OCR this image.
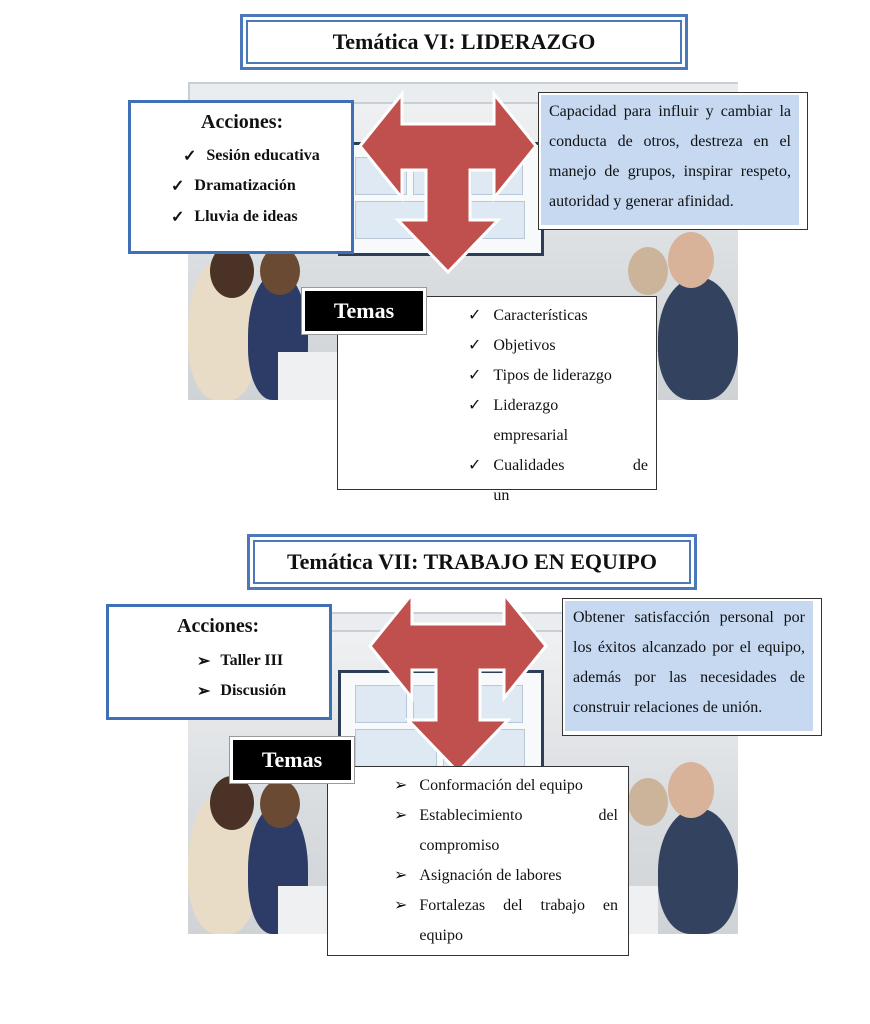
Temática VI: LIDERAZGO
Acciones:
✓ Sesión educativa
✓ Dramatización
✓ Lluvia de ideas
Capacidad para influir y cambiar la conducta de otros, destreza en el manejo de grupos, inspirar respeto, autoridad y generar afinidad.
Temas	✓ Características
✓ Objetivos
✓ Tipos de liderazgo
✓ Liderazgo empresarial
✓ Cualidades de un
Temática VII: TRABAJO EN EQUIPO
Acciones:
➢ Taller III
➢ Discusión
Obtener satisfacción personal por los éxitos alcanzado por el equipo, además por las necesidades de construir relaciones de unión.
Temas
➢ Conformación del equipo
➢ Establecimiento del compromiso
➢ Asignación de labores
➢ Fortalezas del trabajo en equipo
